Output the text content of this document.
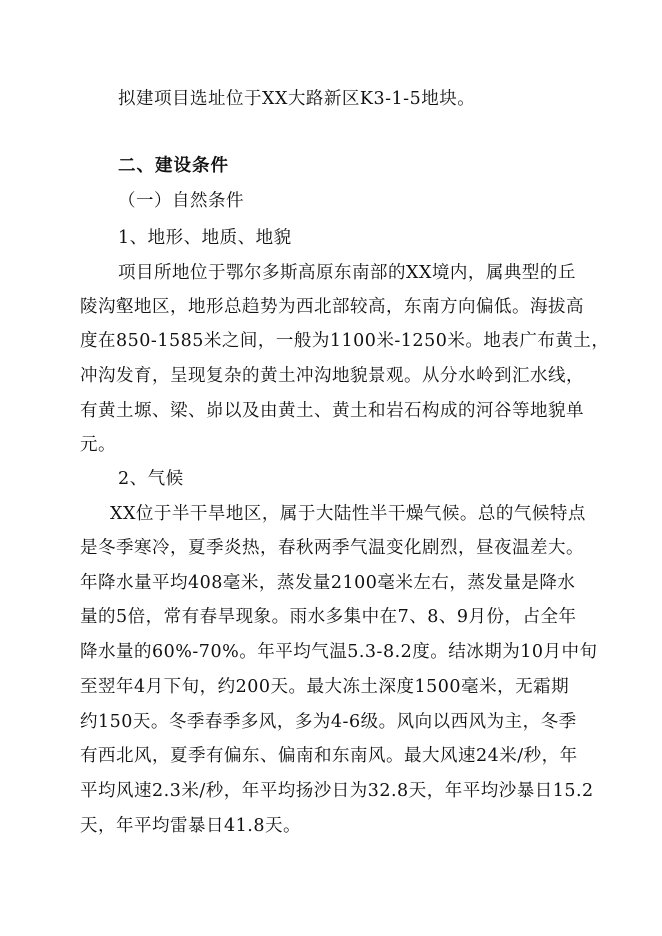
拟建项目选址位于XX大路新区K3-1-5地块。
二、建设条件
（一）自然条件
1、地形、地质、地貌
项目所地位于鄂尔多斯高原东南部的XX境内，属典型的丘
陵沟壑地区，地形总趋势为西北部较高，东南方向偏低。海拔高
度在850-1585米之间，一般为1100米-1250米。地表广布黄土，
冲沟发育，呈现复杂的黄土冲沟地貌景观。从分水岭到汇水线，
有黄土塬、梁、峁以及由黄土、黄土和岩石构成的河谷等地貌单
元。
2、气候
XX位于半干旱地区，属于大陆性半干燥气候。总的气候特点
是冬季寒冷，夏季炎热，春秋两季气温变化剧烈，昼夜温差大。
年降水量平均408毫米，蒸发量2100毫米左右，蒸发量是降水
量的5倍，常有春旱现象。雨水多集中在7、8、9月份，占全年
降水量的60%-70%。年平均气温5.3-8.2度。结冰期为10月中旬
至翌年4月下旬，约200天。最大冻土深度1500毫米，无霜期
约150天。冬季春季多风，多为4-6级。风向以西风为主，冬季
有西北风，夏季有偏东、偏南和东南风。最大风速24米/秒，年
平均风速2.3米/秒，年平均扬沙日为32.8天，年平均沙暴日15.2
天，年平均雷暴日41.8天。
